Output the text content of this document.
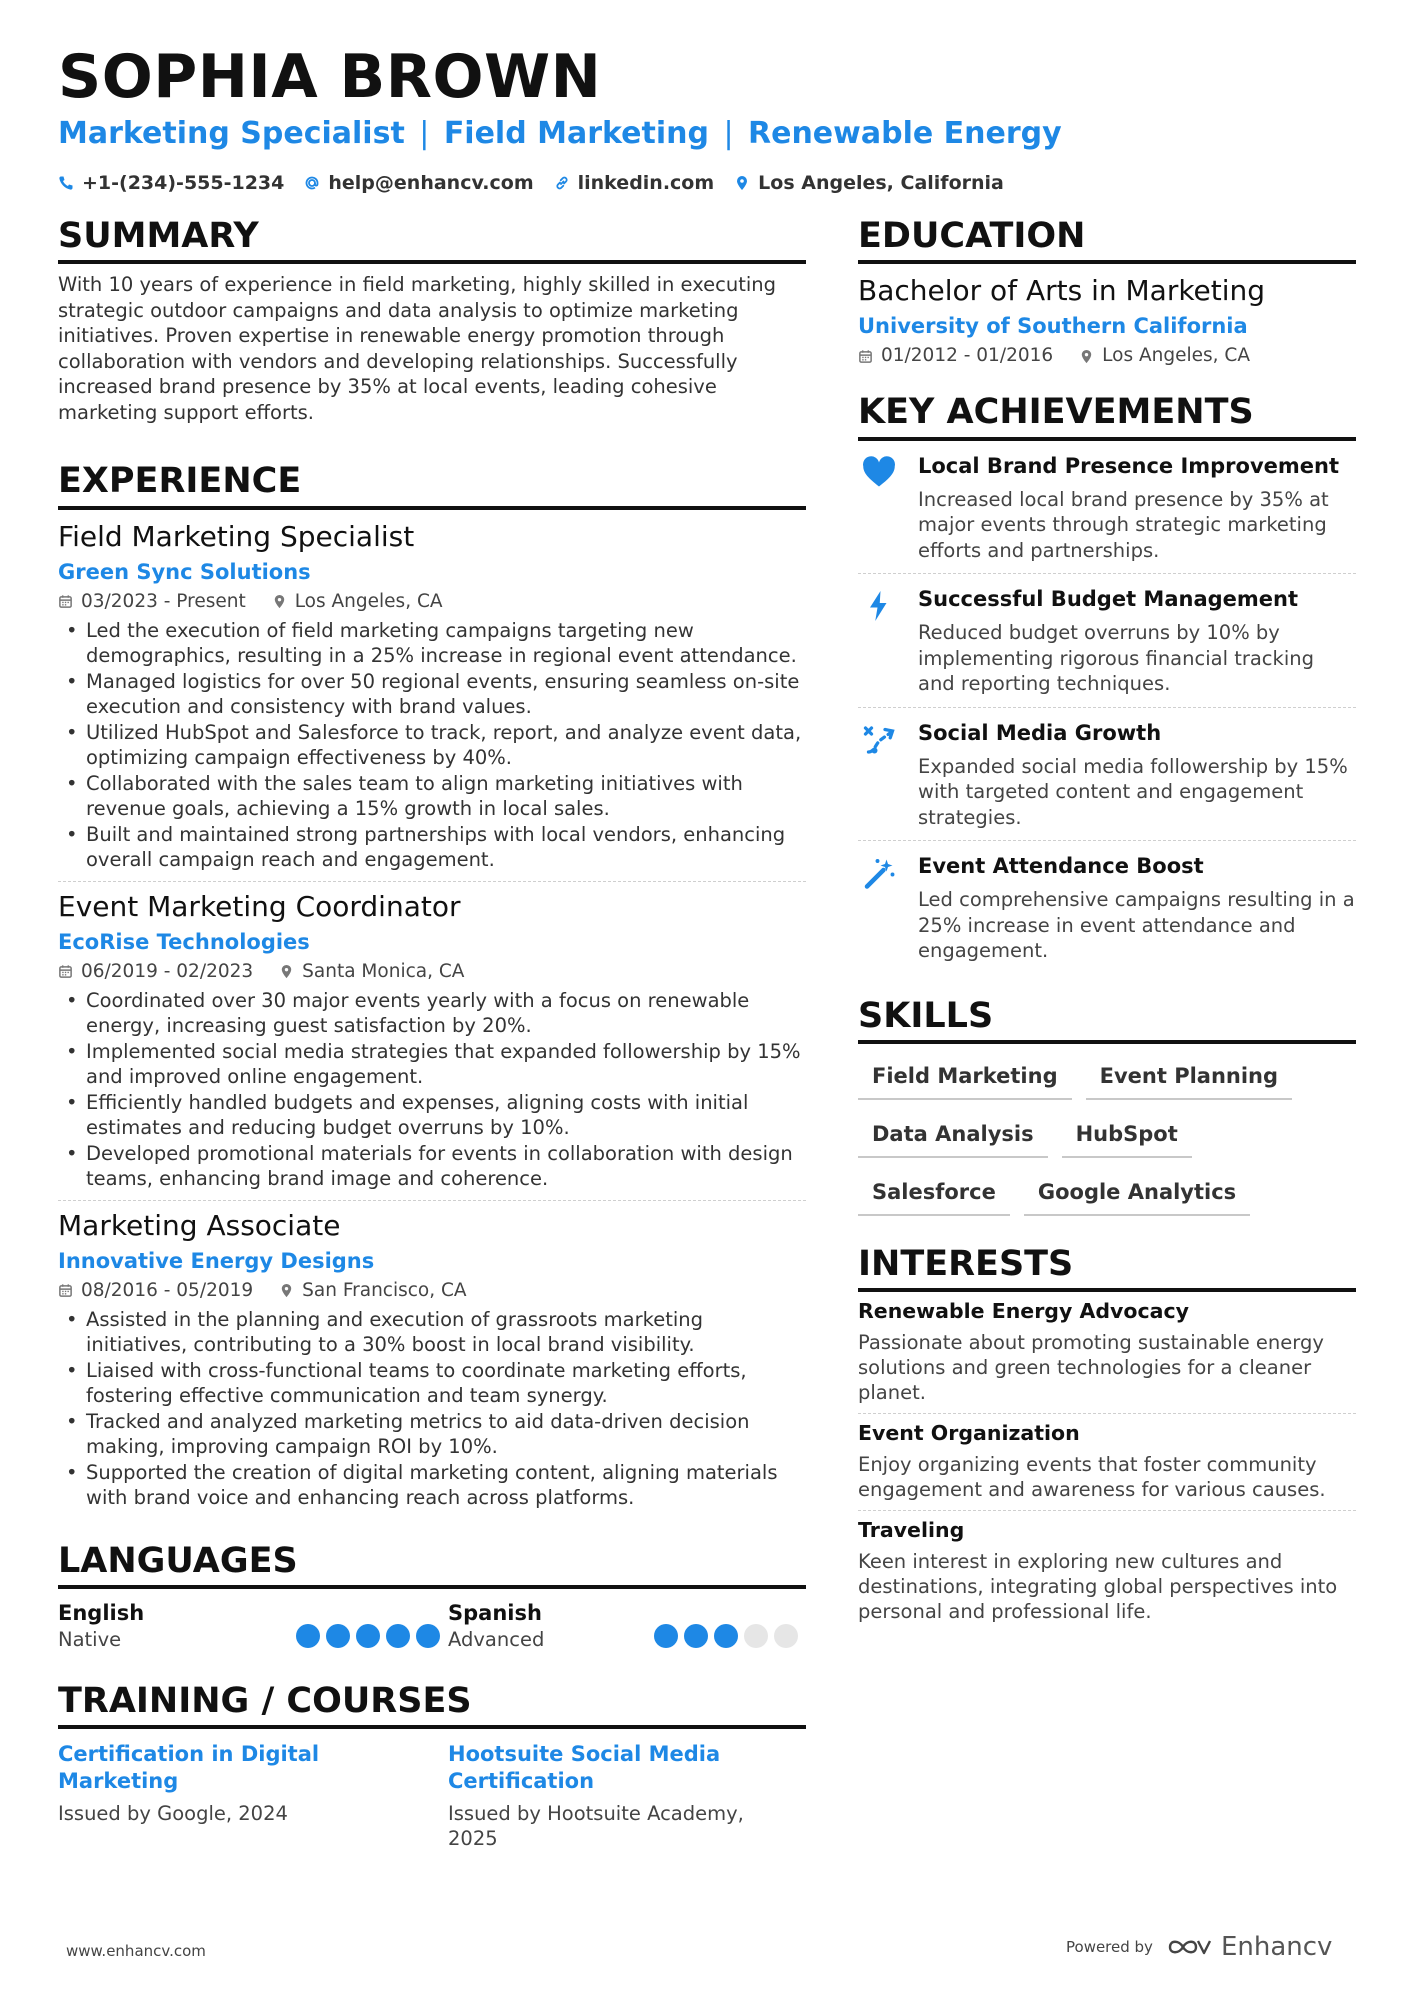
SOPHIA BROWN
Marketing Specialist | Field Marketing | Renewable Energy
+1-(234)-555-1234 help@enhancv.com linkedin.com Los Angeles, California
SUMMARY

With 10 years of experience in field marketing, highly skilled in executing strategic outdoor campaigns and data analysis to optimize marketing initiatives. Proven expertise in renewable energy promotion through collaboration with vendors and developing relationships. Successfully increased brand presence by 35% at local events, leading cohesive marketing support efforts.

EXPERIENCE
Field Marketing Specialist
Green Sync Solutions
03/2023 - Present	Los Angeles, CA
• Led the execution of field marketing campaigns targeting new demographics, resulting in a 25% increase in regional event attendance.
• Managed logistics for over 50 regional events, ensuring seamless on-site execution and consistency with brand values.
• Utilized HubSpot and Salesforce to track, report, and analyze event data, optimizing campaign effectiveness by 40%.
• Collaborated with the sales team to align marketing initiatives with revenue goals, achieving a 15% growth in local sales.
• Built and maintained strong partnerships with local vendors, enhancing overall campaign reach and engagement.
Event Marketing Coordinator
EcoRise Technologies
06/2019 - 02/2023	Santa Monica, CA
• Coordinated over 30 major events yearly with a focus on renewable energy, increasing guest satisfaction by 20%.
• Implemented social media strategies that expanded followership by 15% and improved online engagement.
• Efficiently handled budgets and expenses, aligning costs with initial estimates and reducing budget overruns by 10%.
• Developed promotional materials for events in collaboration with design teams, enhancing brand image and coherence.
Marketing Associate
Innovative Energy Designs
08/2016 - 05/2019	San Francisco, CA
• Assisted in the planning and execution of grassroots marketing initiatives, contributing to a 30% boost in local brand visibility.
• Liaised with cross-functional teams to coordinate marketing efforts, fostering effective communication and team synergy.
• Tracked and analyzed marketing metrics to aid data-driven decision making, improving campaign ROI by 10%.
• Supported the creation of digital marketing content, aligning materials with brand voice and enhancing reach across platforms.
LANGUAGES
English
Native
Spanish
Advanced
TRAINING / COURSES
Certification in Digital Marketing
Issued by Google, 2024
Hootsuite Social Media Certification
Issued by Hootsuite Academy, 2025
EDUCATION
Bachelor of Arts in Marketing
University of Southern California
01/2012 - 01/2016	Los Angeles, CA
KEY ACHIEVEMENTS
Local Brand Presence Improvement
Increased local brand presence by 35% at major events through strategic marketing efforts and partnerships.
Successful Budget Management
Reduced budget overruns by 10% by implementing rigorous financial tracking and reporting techniques.
Social Media Growth
Expanded social media followership by 15% with targeted content and engagement strategies.
Event Attendance Boost
Led comprehensive campaigns resulting in a 25% increase in event attendance and engagement.
SKILLS
Field Marketing	Event Planning
Data Analysis	HubSpot
Salesforce	Google Analytics
INTERESTS
Renewable Energy Advocacy
Passionate about promoting sustainable energy solutions and green technologies for a cleaner planet.
Event Organization
Enjoy organizing events that foster community engagement and awareness for various causes.
Traveling
Keen interest in exploring new cultures and destinations, integrating global perspectives into personal and professional life.
www.enhancv.com	Powered by	Enhancv
